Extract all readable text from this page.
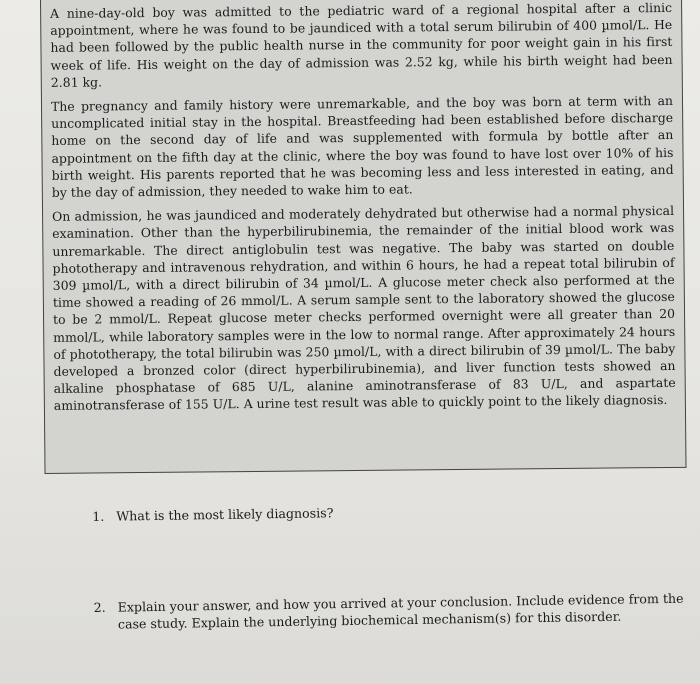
A nine-day-old boy was admitted to the pediatric ward of a regional hospital after a clinic appointment, where he was found to be jaundiced with a total serum bilirubin of 400 µmol/L. He had been followed by the public health nurse in the community for poor weight gain in his first week of life. His weight on the day of admission was 2.52 kg, while his birth weight had been 2.81 kg.

The pregnancy and family history were unremarkable, and the boy was born at term with an uncomplicated initial stay in the hospital. Breastfeeding had been established before discharge home on the second day of life and was supplemented with formula by bottle after an appointment on the fifth day at the clinic, where the boy was found to have lost over 10% of his birth weight. His parents reported that he was becoming less and less interested in eating, and by the day of admission, they needed to wake him to eat.

On admission, he was jaundiced and moderately dehydrated but otherwise had a normal physical examination. Other than the hyperbilirubinemia, the remainder of the initial blood work was unremarkable. The direct antiglobulin test was negative. The baby was started on double phototherapy and intravenous rehydration, and within 6 hours, he had a repeat total bilirubin of 309 µmol/L, with a direct bilirubin of 34 µmol/L. A glucose meter check also performed at the time showed a reading of 26 mmol/L. A serum sample sent to the laboratory showed the glucose to be 2 mmol/L. Repeat glucose meter checks performed overnight were all greater than 20 mmol/L, while laboratory samples were in the low to normal range. After approximately 24 hours of phototherapy, the total bilirubin was 250 µmol/L, with a direct bilirubin of 39 µmol/L. The baby developed a bronzed color (direct hyperbilirubinemia), and liver function tests showed an alkaline phosphatase of 685 U/L, alanine aminotransferase of 83 U/L, and aspartate aminotransferase of 155 U/L. A urine test result was able to quickly point to the likely diagnosis.

1. What is the most likely diagnosis?
2. Explain your answer, and how you arrived at your conclusion. Include evidence from the case study. Explain the underlying biochemical mechanism(s) for this disorder.
